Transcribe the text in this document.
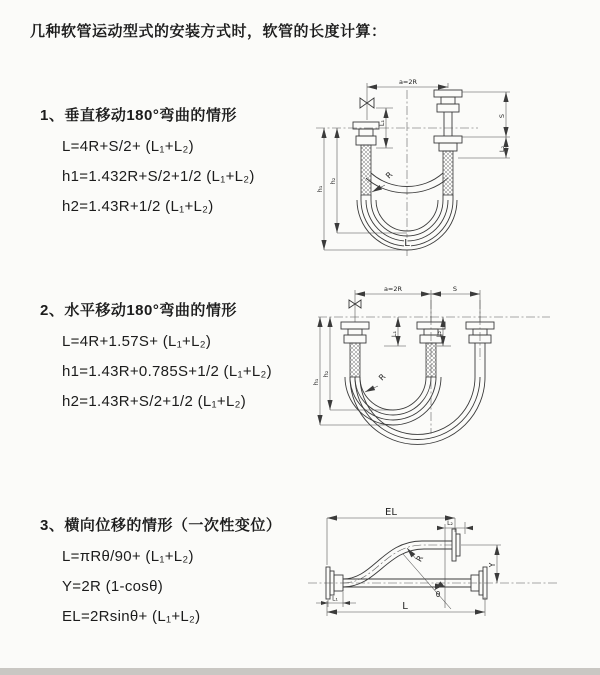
几种软管运动型式的安装方式时，软管的长度计算：
1、垂直移动180°弯曲的情形
L=4R+S/2+ (L₁+L₂)
h1=1.432R+S/2+1/2 (L₁+L₂)
h2=1.43R+1/2 (L₁+L₂)
2、水平移动180°弯曲的情形
L=4R+1.57S+ (L₁+L₂)
h1=1.43R+0.785S+1/2 (L₁+L₂)
h2=1.43R+S/2+1/2 (L₁+L₂)
3、横向位移的情形（一次性变位）
L=πRθ/90+ (L₁+L₂)
Y=2R (1-cosθ)
EL=2Rsinθ+ (L₁+L₂)
a=2R
h₁
h₂
L₁
S
L₂
R
L
a=2R	S
h₁
h₂
L₁	L₂
R
EL
L₂
θ
R
Y
L
L₁
